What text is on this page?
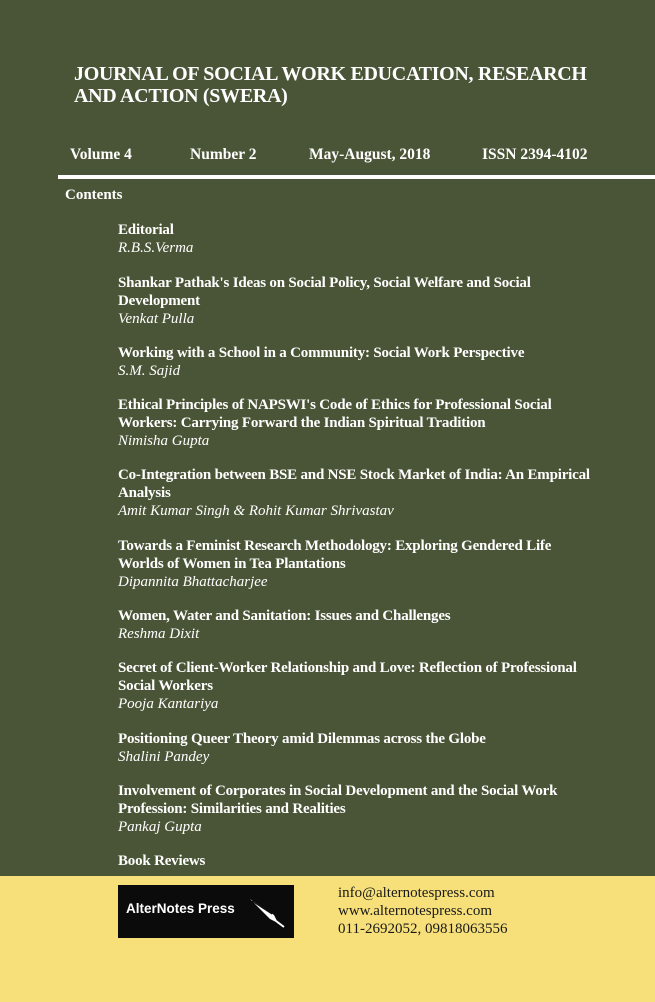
JOURNAL OF SOCIAL WORK EDUCATION, RESEARCH AND ACTION (SWERA)
Volume 4	Number 2	May-August, 2018	ISSN 2394-4102
Contents
Editorial
R.B.S.Verma
Shankar Pathak's Ideas on Social Policy, Social Welfare and Social Development
Venkat Pulla
Working with a School in a Community: Social Work Perspective
S.M. Sajid
Ethical Principles of NAPSWI's Code of Ethics for Professional Social Workers: Carrying Forward the Indian Spiritual Tradition
Nimisha Gupta
Co-Integration between BSE and NSE Stock Market of India: An Empirical Analysis
Amit Kumar Singh & Rohit Kumar Shrivastav
Towards a Feminist Research Methodology: Exploring Gendered Life Worlds of Women in Tea Plantations
Dipannita Bhattacharjee
Women, Water and Sanitation: Issues and Challenges
Reshma Dixit
Secret of Client-Worker Relationship and Love: Reflection of Professional Social Workers
Pooja Kantariya
Positioning Queer Theory amid Dilemmas across the Globe
Shalini Pandey
Involvement of Corporates in Social Development and the Social Work Profession: Similarities and Realities
Pankaj Gupta
Book Reviews
AlterNotes Press
info@alternotespress.com
www.alternotespress.com
011-2692052, 09818063556
